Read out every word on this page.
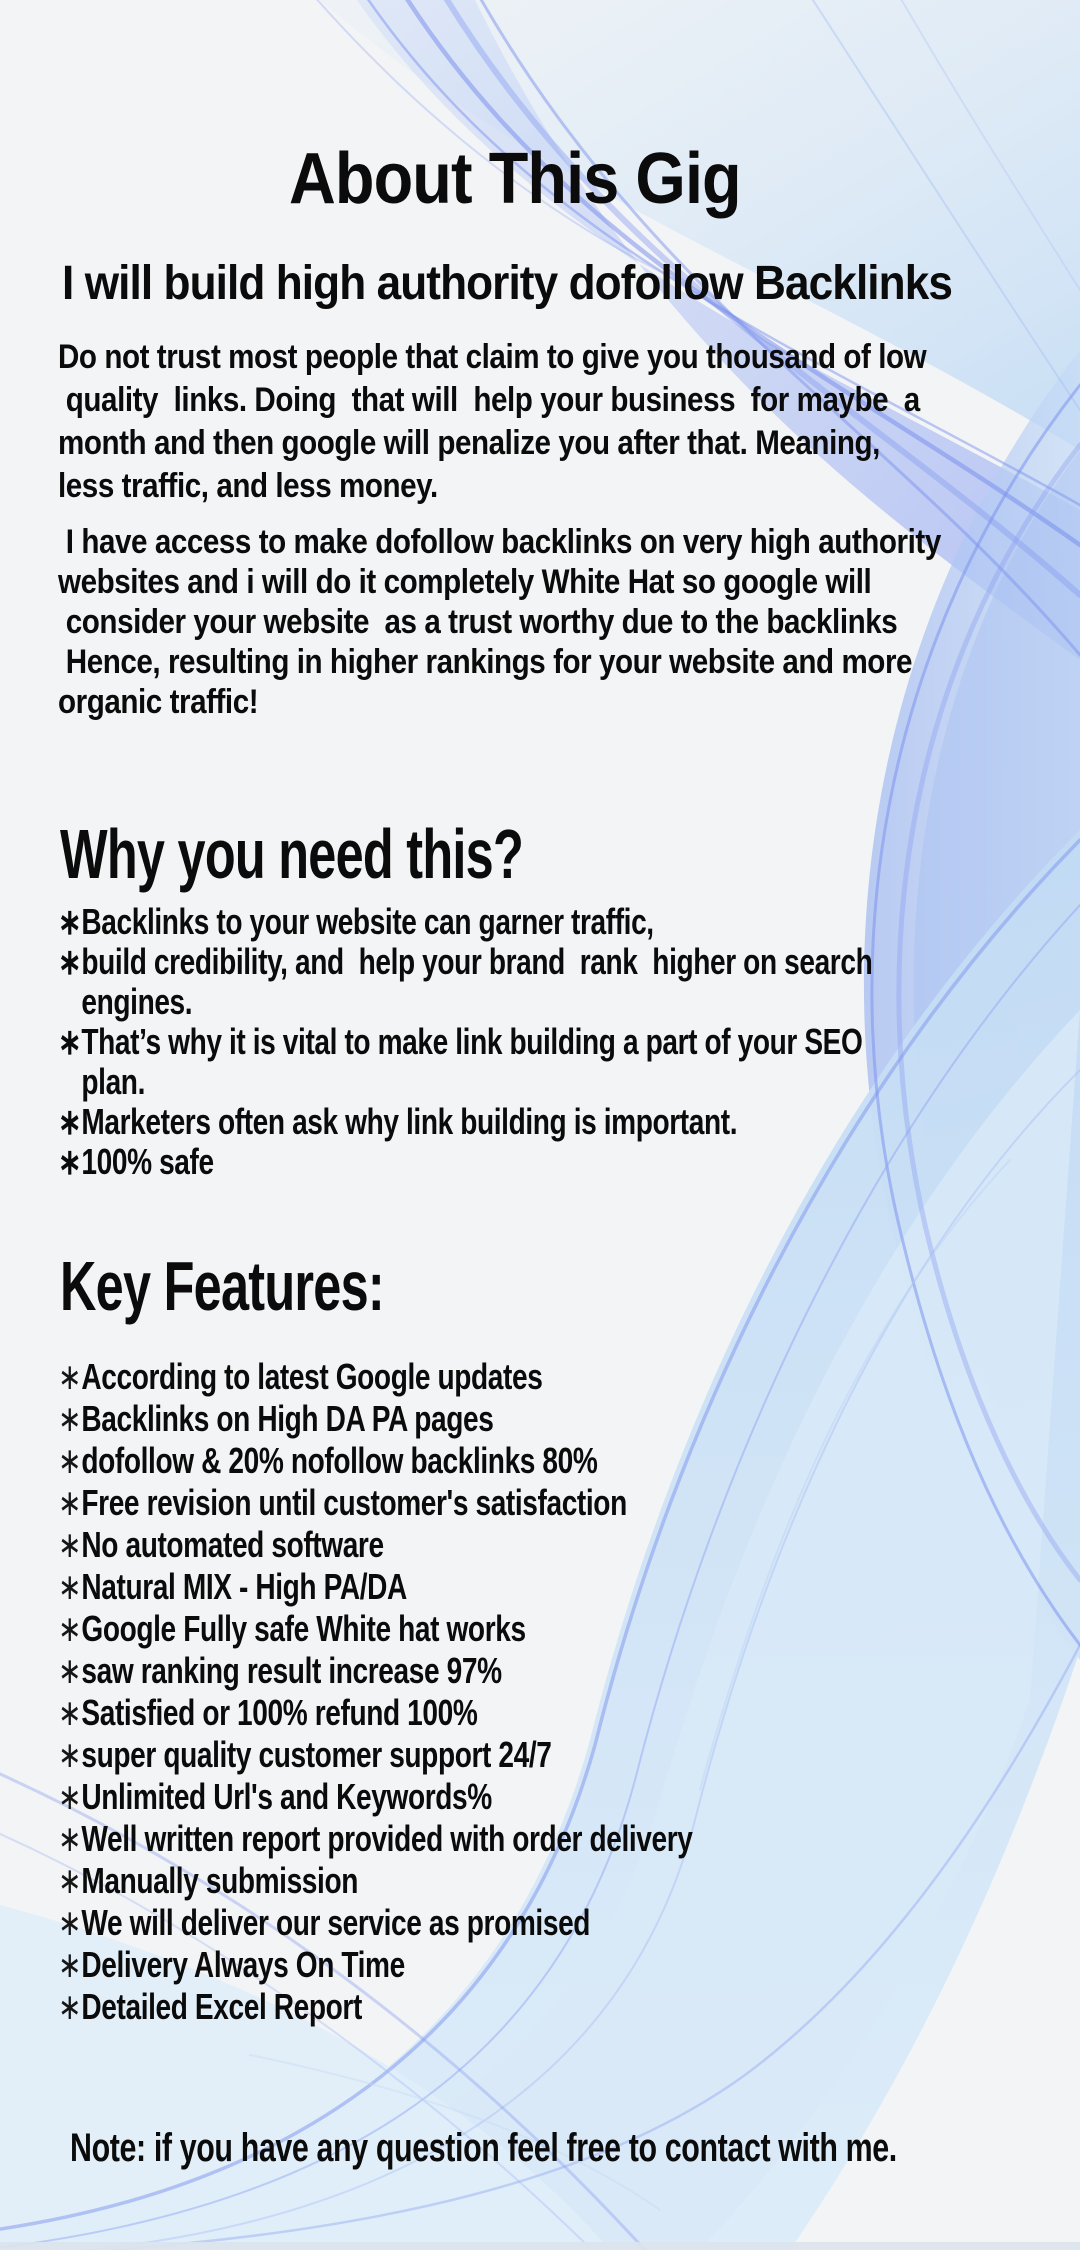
About This Gig
I will build high authority dofollow Backlinks
Do not trust most people that claim to give you thousand of low
quality  links. Doing  that will  help your business  for maybe  a
month and then google will penalize you after that. Meaning,
less traffic, and less money.
I have access to make dofollow backlinks on very high authority
websites and i will do it completely White Hat so google will
consider your website  as a trust worthy due to the backlinks
Hence, resulting in higher rankings for your website and more
organic traffic!
Why you need this?
∗ Backlinks to your website can garner traffic,
∗ build credibility, and  help your brand  rank  higher on search
engines.
∗ That’s why it is vital to make link building a part of your SEO
plan.
∗ Marketers often ask why link building is important.
∗ 100% safe
Key Features:
∗ According to latest Google updates
∗ Backlinks on High DA PA pages
∗ dofollow & 20% nofollow backlinks 80%
∗ Free revision until customer's satisfaction
∗ No automated software
∗ Natural MIX - High PA/DA
∗ Google Fully safe White hat works
∗ saw ranking result increase 97%
∗ Satisfied or 100% refund 100%
∗ super quality customer support 24/7
∗ Unlimited Url's and Keywords%
∗ Well written report provided with order delivery
∗ Manually submission
∗ We will deliver our service as promised
∗ Delivery Always On Time
∗ Detailed Excel Report
Note: if you have any question feel free to contact with me.
